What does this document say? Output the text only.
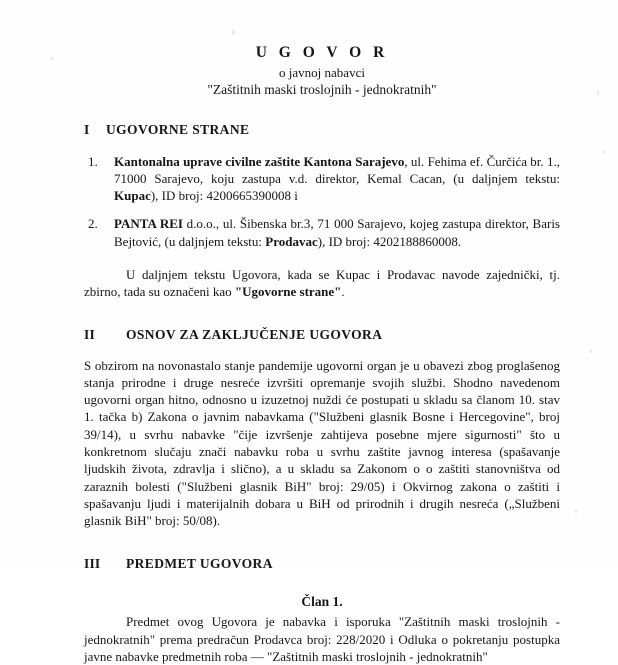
U G O V O R
o javnoj nabavci
"Zaštitnih maski troslojnih - jednokratnih"
I	UGOVORNE STRANE
1.	Kantonalna uprave civilne zaštite Kantona Sarajevo, ul. Fehima ef. Čurčića br. 1., 71000 Sarajevo, koju zastupa v.d. direktor, Kemal Cacan, (u daljnjem tekstu: Kupac), ID broj: 4200665390008 i
2.	PANTA REI d.o.o., ul. Šibenska br.3, 71 000 Sarajevo, kojeg zastupa direktor, Baris Bejtović, (u daljnjem tekstu: Prodavac), ID broj: 4202188860008.
U daljnjem tekstu Ugovora, kada se Kupac i Prodavac navode zajednički, tj. zbirno, tada su označeni kao "Ugovorne strane".
II	OSNOV ZA ZAKLJUČENJE UGOVORA
S obzirom na novonastalo stanje pandemije ugovorni organ je u obavezi zbog proglašenog stanja prirodne i druge nesreće izvršiti opremanje svojih službi. Shodno navedenom ugovorni organ hitno, odnosno u izuzetnoj nuždi će postupati u skladu sa članom 10. stav 1. tačka b) Zakona o javnim nabavkama ("Službeni glasnik Bosne i Hercegovine", broj 39/14), u svrhu nabavke "čije izvršenje zahtijeva posebne mjere sigurnosti" što u konkretnom slučaju znači nabavku roba u svrhu zaštite javnog interesa (spašavanje ljudskih života, zdravlja i slično), a u skladu sa Zakonom o o zaštiti stanovništva od zaraznih bolesti ("Službeni glasnik BiH" broj: 29/05) i Okvirnog zakona o zaštiti i spašavanju ljudi i materijalnih dobara u BiH od prirodnih i drugih nesreća („Službeni glasnik BiH" broj: 50/08).
III	PREDMET UGOVORA
Član 1.
Predmet ovog Ugovora je nabavka i isporuka "Zaštitnih maski troslojnih - jednokratnih" prema predračun Prodavca broj: 228/2020 i Odluka o pokretanju postupka javne nabavke predmetnih roba — "Zaštitnih maski troslojnih - jednokratnih"
